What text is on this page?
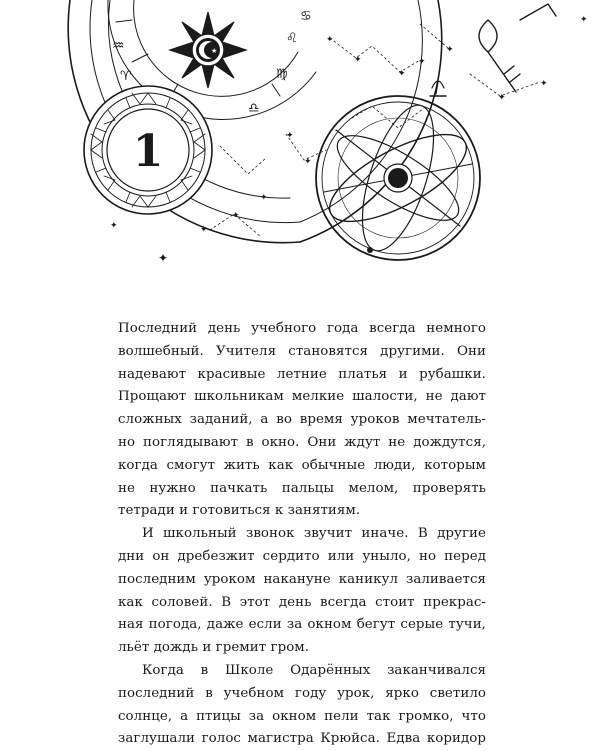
♒
♈
♌
♍
♋
♎
★
1
✦
✦
✦
✦
✦
✦
✦
✦
✦
✦
✦
✦
✦
✦
✦
Последний день учебного года всегда немного
волшебный. Учителя становятся другими. Они
надевают красивые летние платья и рубашки.
Прощают школьникам мелкие шалости, не дают
сложных заданий, а во время уроков мечтатель-
но поглядывают в окно. Они ждут не дождутся,
когда смогут жить как обычные люди, которым
не нужно пачкать пальцы мелом, проверять
тетради и готовиться к занятиям.
И школьный звонок звучит иначе. В другие
дни он дребезжит сердито или уныло, но перед
последним уроком накануне каникул заливается
как соловей. В этот день всегда стоит прекрас-
ная погода, даже если за окном бегут серые тучи,
льёт дождь и гремит гром.
Когда в Школе Одарённых заканчивался
последний в учебном году урок, ярко светило
солнце, а птицы за окном пели так громко, что
заглушали голос магистра Крюйса. Едва коридор
